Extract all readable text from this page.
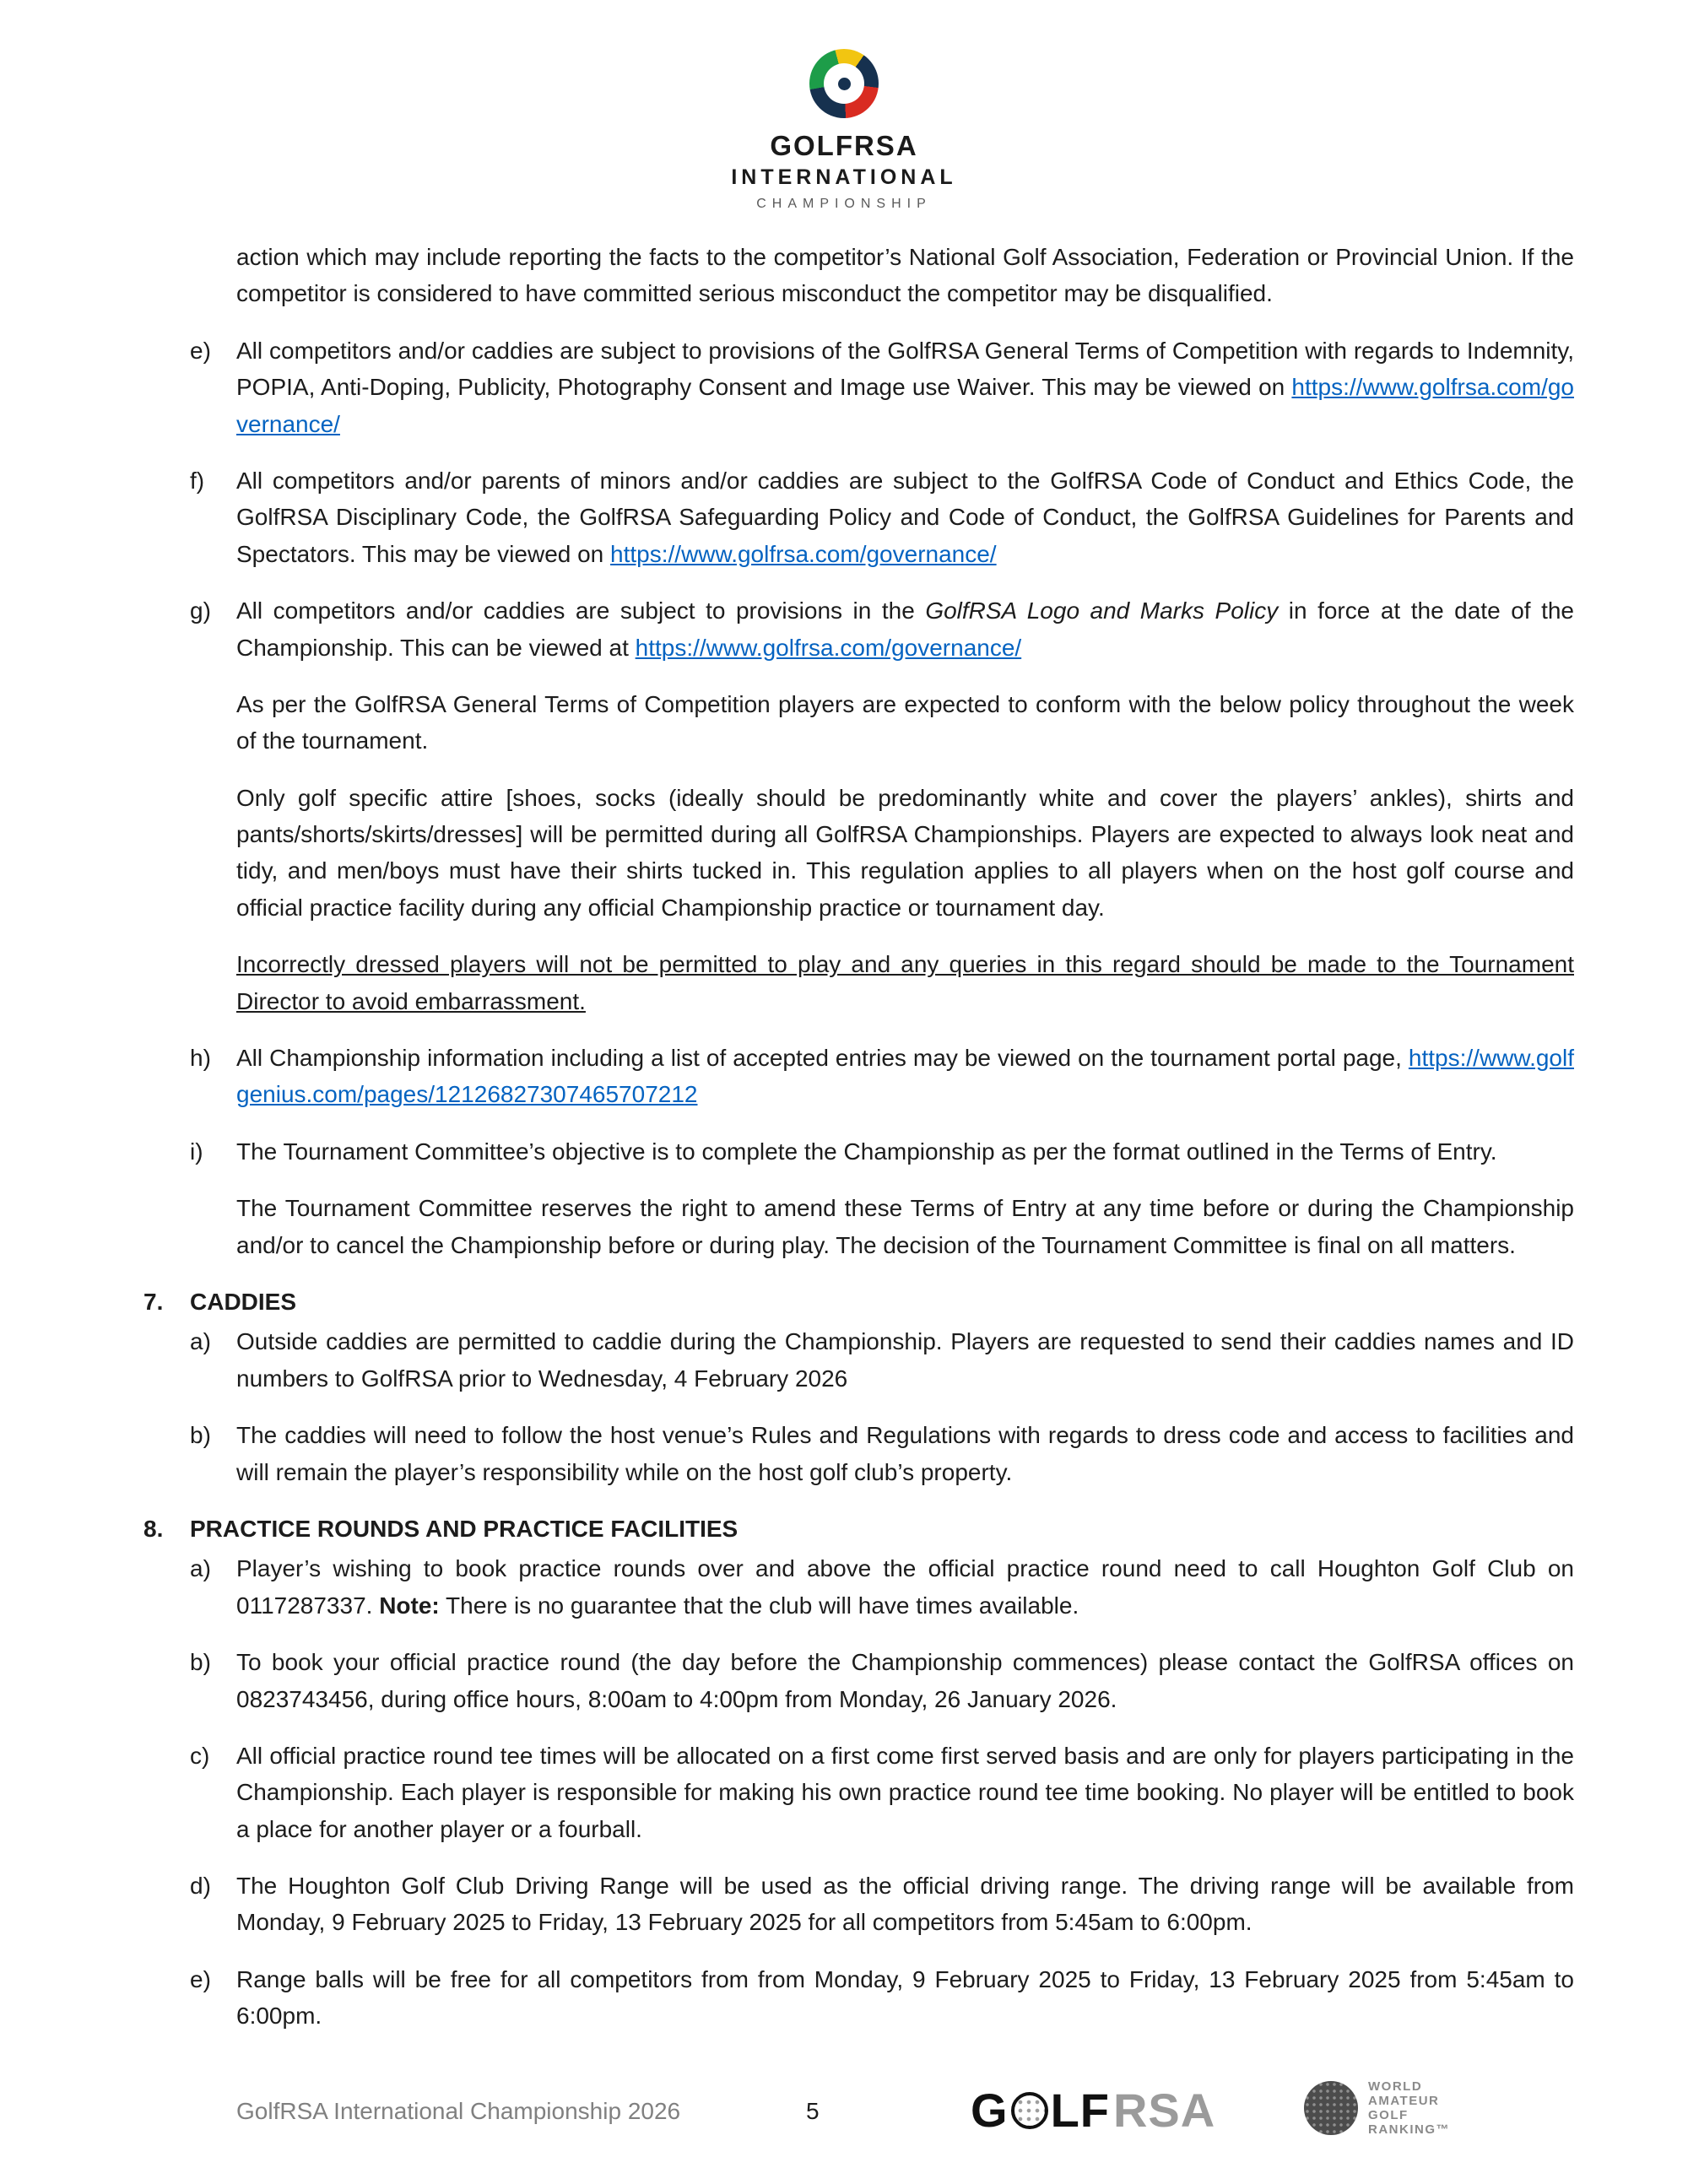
GOLFRSA
INTERNATIONAL
CHAMPIONSHIP
action which may include reporting the facts to the competitor’s National Golf Association, Federation or Provincial Union. If the competitor is considered to have committed serious misconduct the competitor may be disqualified.
e)	All competitors and/or caddies are subject to provisions of the GolfRSA General Terms of Competition with regards to Indemnity, POPIA, Anti-Doping, Publicity, Photography Consent and Image use Waiver. This may be viewed on https://www.golfrsa.com/governance/
f)	All competitors and/or parents of minors and/or caddies are subject to the GolfRSA Code of Conduct and Ethics Code, the GolfRSA Disciplinary Code, the GolfRSA Safeguarding Policy and Code of Conduct, the GolfRSA Guidelines for Parents and Spectators. This may be viewed on https://www.golfrsa.com/governance/
g)	All competitors and/or caddies are subject to provisions in the GolfRSA Logo and Marks Policy in force at the date of the Championship. This can be viewed at https://www.golfrsa.com/governance/
As per the GolfRSA General Terms of Competition players are expected to conform with the below policy throughout the week of the tournament.
Only golf specific attire [shoes, socks (ideally should be predominantly white and cover the players’ ankles), shirts and pants/shorts/skirts/dresses] will be permitted during all GolfRSA Championships. Players are expected to always look neat and tidy, and men/boys must have their shirts tucked in. This regulation applies to all players when on the host golf course and official practice facility during any official Championship practice or tournament day.
Incorrectly dressed players will not be permitted to play and any queries in this regard should be made to the Tournament Director to avoid embarrassment.
h)	All Championship information including a list of accepted entries may be viewed on the tournament portal page, https://www.golfgenius.com/pages/12126827307465707212
i)	The Tournament Committee’s objective is to complete the Championship as per the format outlined in the Terms of Entry.
The Tournament Committee reserves the right to amend these Terms of Entry at any time before or during the Championship and/or to cancel the Championship before or during play. The decision of the Tournament Committee is final on all matters.
7.	CADDIES
a)	Outside caddies are permitted to caddie during the Championship. Players are requested to send their caddies names and ID numbers to GolfRSA prior to Wednesday, 4 February 2026
b)	The caddies will need to follow the host venue’s Rules and Regulations with regards to dress code and access to facilities and will remain the player’s responsibility while on the host golf club’s property.
8.	PRACTICE ROUNDS AND PRACTICE FACILITIES
a)	Player’s wishing to book practice rounds over and above the official practice round need to call Houghton Golf Club on 0117287337. Note: There is no guarantee that the club will have times available.
b)	To book your official practice round (the day before the Championship commences) please contact the GolfRSA offices on 0823743456, during office hours, 8:00am to 4:00pm from Monday, 26 January 2026.
c)	All official practice round tee times will be allocated on a first come first served basis and are only for players participating in the Championship. Each player is responsible for making his own practice round tee time booking. No player will be entitled to book a place for another player or a fourball.
d)	The Houghton Golf Club Driving Range will be used as the official driving range. The driving range will be available from Monday, 9 February 2025 to Friday, 13 February 2025 for all competitors from 5:45am to 6:00pm.
e)	Range balls will be free for all competitors from from Monday, 9 February 2025 to Friday, 13 February 2025 from 5:45am to 6:00pm.
GolfRSA International Championship 2026	5	G LF RSA	WORLD
AMATEUR
GOLF
RANKING™
